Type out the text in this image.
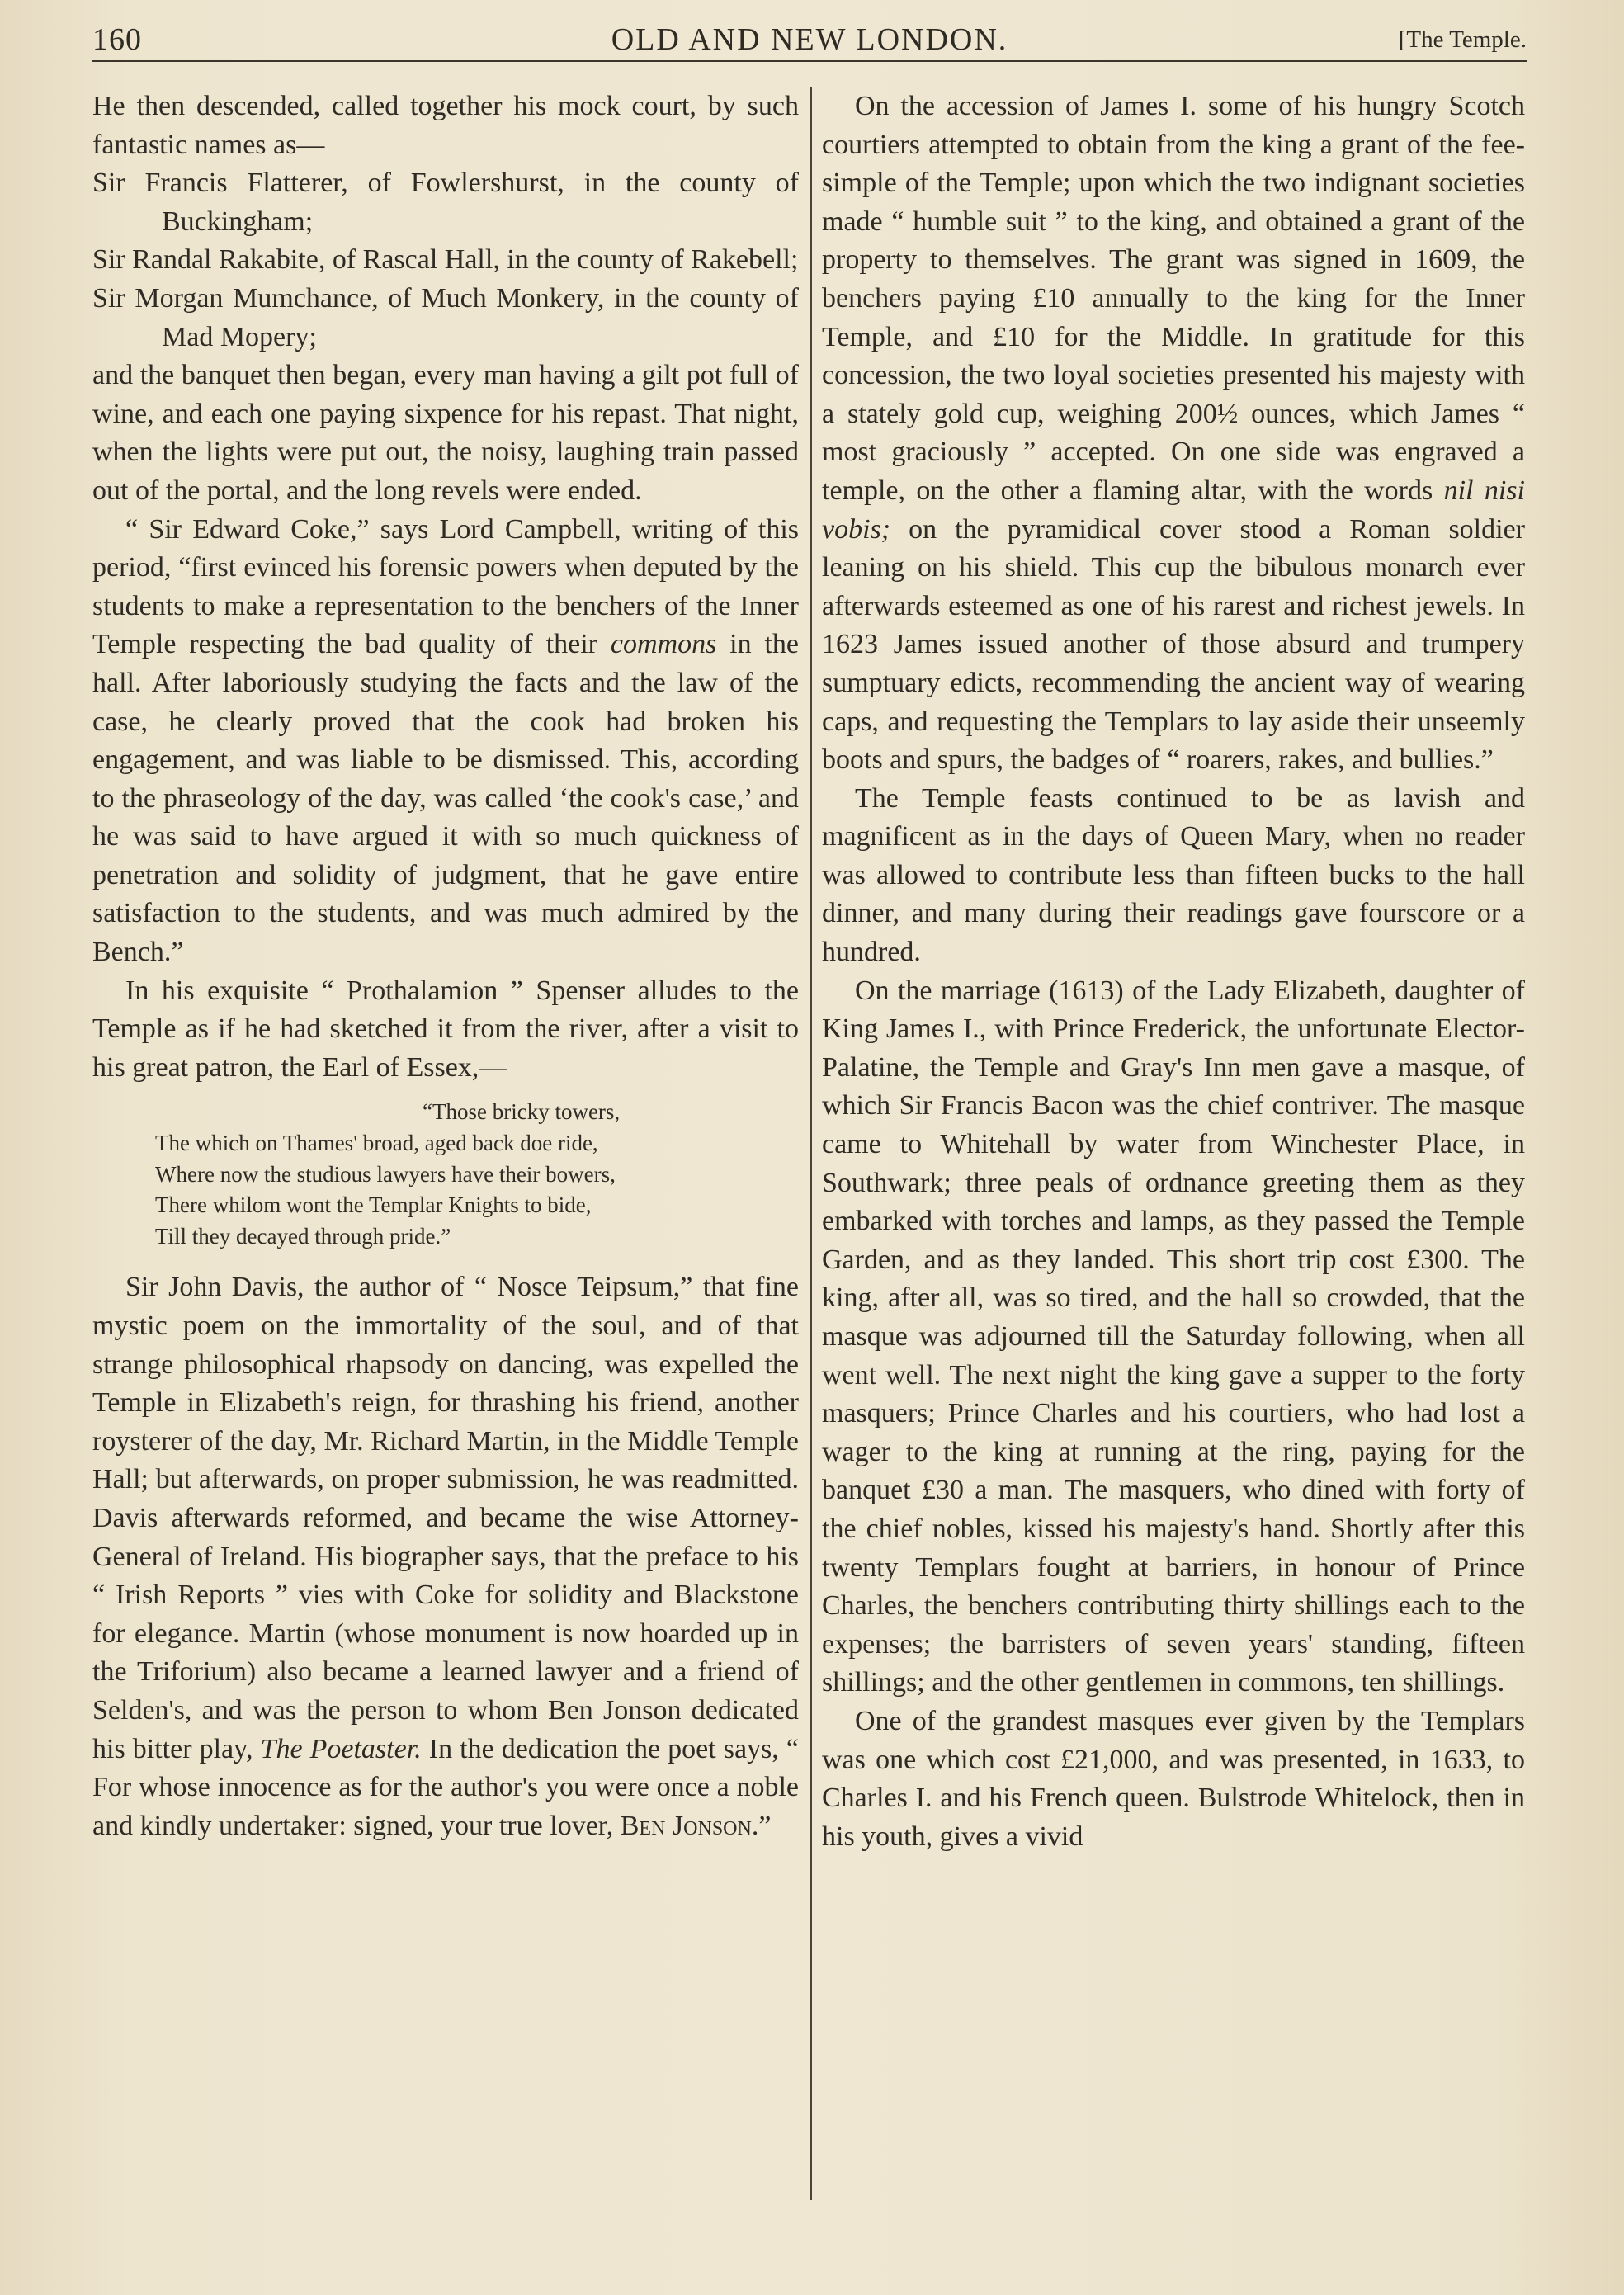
160	OLD AND NEW LONDON.	[The Temple.

He then descended, called together his mock court, by such fantastic names as—

Sir Francis Flatterer, of Fowlershurst, in the county of Buckingham;

Sir Randal Rakabite, of Rascal Hall, in the county of Rakebell;

Sir Morgan Mumchance, of Much Monkery, in the county of Mad Mopery;

and the banquet then began, every man having a gilt pot full of wine, and each one paying sixpence for his repast. That night, when the lights were put out, the noisy, laughing train passed out of the portal, and the long revels were ended.

“ Sir Edward Coke,” says Lord Campbell, writing of this period, “first evinced his forensic powers when deputed by the students to make a representation to the benchers of the Inner Temple respecting the bad quality of their commons in the hall. After laboriously studying the facts and the law of the case, he clearly proved that the cook had broken his engagement, and was liable to be dismissed. This, according to the phraseology of the day, was called ‘the cook's case,’ and he was said to have argued it with so much quickness of penetration and solidity of judgment, that he gave entire satisfaction to the students, and was much admired by the Bench.”

In his exquisite “ Prothalamion ” Spenser alludes to the Temple as if he had sketched it from the river, after a visit to his great patron, the Earl of Essex,—

“Those bricky towers,
The which on Thames' broad, aged back doe ride,
Where now the studious lawyers have their bowers,
There whilom wont the Templar Knights to bide,
Till they decayed through pride.”

Sir John Davis, the author of “ Nosce Teipsum,” that fine mystic poem on the immortality of the soul, and of that strange philosophical rhapsody on dancing, was expelled the Temple in Elizabeth's reign, for thrashing his friend, another roysterer of the day, Mr. Richard Martin, in the Middle Temple Hall; but afterwards, on proper submission, he was readmitted. Davis afterwards reformed, and became the wise Attorney-General of Ireland. His biographer says, that the preface to his “ Irish Reports ” vies with Coke for solidity and Blackstone for elegance. Martin (whose monument is now hoarded up in the Triforium) also became a learned lawyer and a friend of Selden's, and was the person to whom Ben Jonson dedicated his bitter play, The Poetaster. In the dedication the poet says, “ For whose innocence as for the author's you were once a noble and kindly undertaker: signed, your true lover, Ben Jonson.”

On the accession of James I. some of his hungry Scotch courtiers attempted to obtain from the king a grant of the fee-simple of the Temple; upon which the two indignant societies made “ humble suit ” to the king, and obtained a grant of the property to themselves. The grant was signed in 1609, the benchers paying £10 annually to the king for the Inner Temple, and £10 for the Middle. In gratitude for this concession, the two loyal societies presented his majesty with a stately gold cup, weighing 200½ ounces, which James “ most graciously ” accepted. On one side was engraved a temple, on the other a flaming altar, with the words nil nisi vobis; on the pyramidical cover stood a Roman soldier leaning on his shield. This cup the bibulous monarch ever afterwards esteemed as one of his rarest and richest jewels. In 1623 James issued another of those absurd and trumpery sumptuary edicts, recommending the ancient way of wearing caps, and requesting the Templars to lay aside their unseemly boots and spurs, the badges of “ roarers, rakes, and bullies.”

The Temple feasts continued to be as lavish and magnificent as in the days of Queen Mary, when no reader was allowed to contribute less than fifteen bucks to the hall dinner, and many during their readings gave fourscore or a hundred.

On the marriage (1613) of the Lady Elizabeth, daughter of King James I., with Prince Frederick, the unfortunate Elector-Palatine, the Temple and Gray's Inn men gave a masque, of which Sir Francis Bacon was the chief contriver. The masque came to Whitehall by water from Winchester Place, in Southwark; three peals of ordnance greeting them as they embarked with torches and lamps, as they passed the Temple Garden, and as they landed. This short trip cost £300. The king, after all, was so tired, and the hall so crowded, that the masque was adjourned till the Saturday following, when all went well. The next night the king gave a supper to the forty masquers; Prince Charles and his courtiers, who had lost a wager to the king at running at the ring, paying for the banquet £30 a man. The masquers, who dined with forty of the chief nobles, kissed his majesty's hand. Shortly after this twenty Templars fought at barriers, in honour of Prince Charles, the benchers contributing thirty shillings each to the expenses; the barristers of seven years' standing, fifteen shillings; and the other gentlemen in commons, ten shillings.

One of the grandest masques ever given by the Templars was one which cost £21,000, and was presented, in 1633, to Charles I. and his French queen. Bulstrode Whitelock, then in his youth, gives a vivid
